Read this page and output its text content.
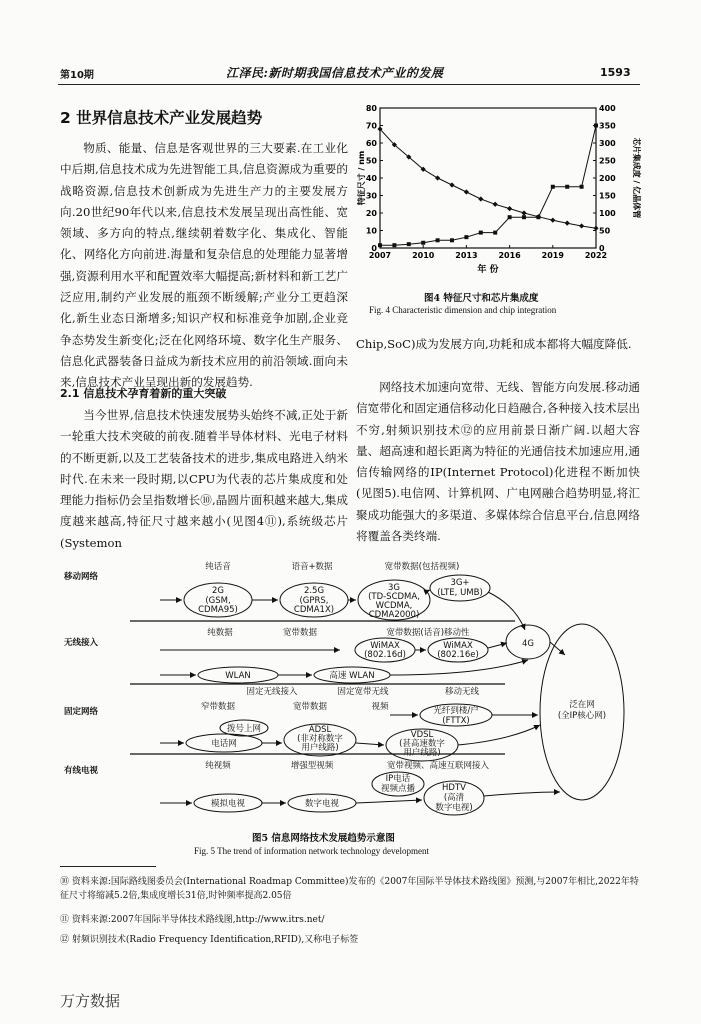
第10期	江泽民:新时期我国信息技术产业的发展	1593
2 世界信息技术产业发展趋势

物质、能量、信息是客观世界的三大要素.在工业化中后期,信息技术成为先进智能工具,信息资源成为重要的战略资源,信息技术创新成为先进生产力的主要发展方向.20世纪90年代以来,信息技术发展呈现出高性能、宽领域、多方向的特点,继续朝着数字化、集成化、智能化、网络化方向前进.海量和复杂信息的处理能力显著增强,资源利用水平和配置效率大幅提高;新材料和新工艺广泛应用,制约产业发展的瓶颈不断缓解;产业分工更趋深化,新生业态日渐增多;知识产权和标准竞争加剧,企业竞争态势发生新变化;泛在化网络环境、数字化生产服务、信息化武器装备日益成为新技术应用的前沿领域.面向未来,信息技术产业呈现出新的发展趋势.

2.1 信息技术孕育着新的重大突破

当今世界,信息技术快速发展势头始终不减,正处于新一轮重大技术突破的前夜.随着半导体材料、光电子材料的不断更新,以及工艺装备技术的进步,集成电路进入纳米时代.在未来一段时期,以CPU为代表的芯片集成度和处理能力指标仍会呈指数增长⑩,晶圆片面积越来越大,集成度越来越高,特征尺寸越来越小(见图4⑪),系统级芯片(Systemon

0
10
20
30
40
50
60
70
80
0
50
100
150
200
250
300
350
400
2007	2010	2013	2016	2019	2022
年 份
特征尺寸 / nm	芯片集成度 / 亿晶体管
图4 特征尺寸和芯片集成度
Fig. 4 Characteristic dimension and chip integration

Chip,SoC)成为发展方向,功耗和成本都将大幅度降低.

网络技术加速向宽带、无线、智能方向发展.移动通信宽带化和固定通信移动化日趋融合,各种接入技术层出不穷,射频识别技术⑫的应用前景日渐广阔.以超大容量、超高速和超长距离为特征的光通信技术加速应用,通信传输网络的IP(Internet Protocol)化进程不断加快(见图5).电信网、计算机网、广电网融合趋势明显,将汇聚成功能强大的多渠道、多媒体综合信息平台,信息网络将覆盖各类终端.

移动网络
无线接入
固定网络
有线电视
纯话音	语音+数据	宽带数据(包括视频)
2G
(GSM,
CDMA95)
2.5G
(GPRS,
CDMA1X)
3G
(TD-SCDMA,
WCDMA,
CDMA2000)
3G+
(LTE, UMB)
纯数据	宽带数据	宽带数据(话音)移动性
WiMAX
(802.16d)
WiMAX
(802.16e)
4G
WLAN	高速 WLAN
固定无线接入	固定宽带无线	移动无线
泛在网
(全IP核心网)
窄带数据	宽带数据	视频	光纤到楼/户
(FTTX)
拨号上网
电话网
ADSL
(非对称数字
用户线路)
VDSL
(甚高速数字
用户线路)
纯视频	增强型视频	宽带视频、高速互联网接入
IP电话
视频点播
模拟电视	数字电视
HDTV
(高清
数字电视)
图5 信息网络技术发展趋势示意图
Fig. 5 The trend of information network technology development
⑩ 资料来源:国际路线图委员会(International Roadmap Committee)发布的《2007年国际半导体技术路线图》预测,与2007年相比,2022年特征尺寸将缩减5.2倍,集成度增长31倍,时钟频率提高2.05倍
⑪ 资料来源:2007年国际半导体技术路线图,http://www.itrs.net/
⑫ 射频识别技术(Radio Frequency Identification,RFID),又称电子标签
万方数据
